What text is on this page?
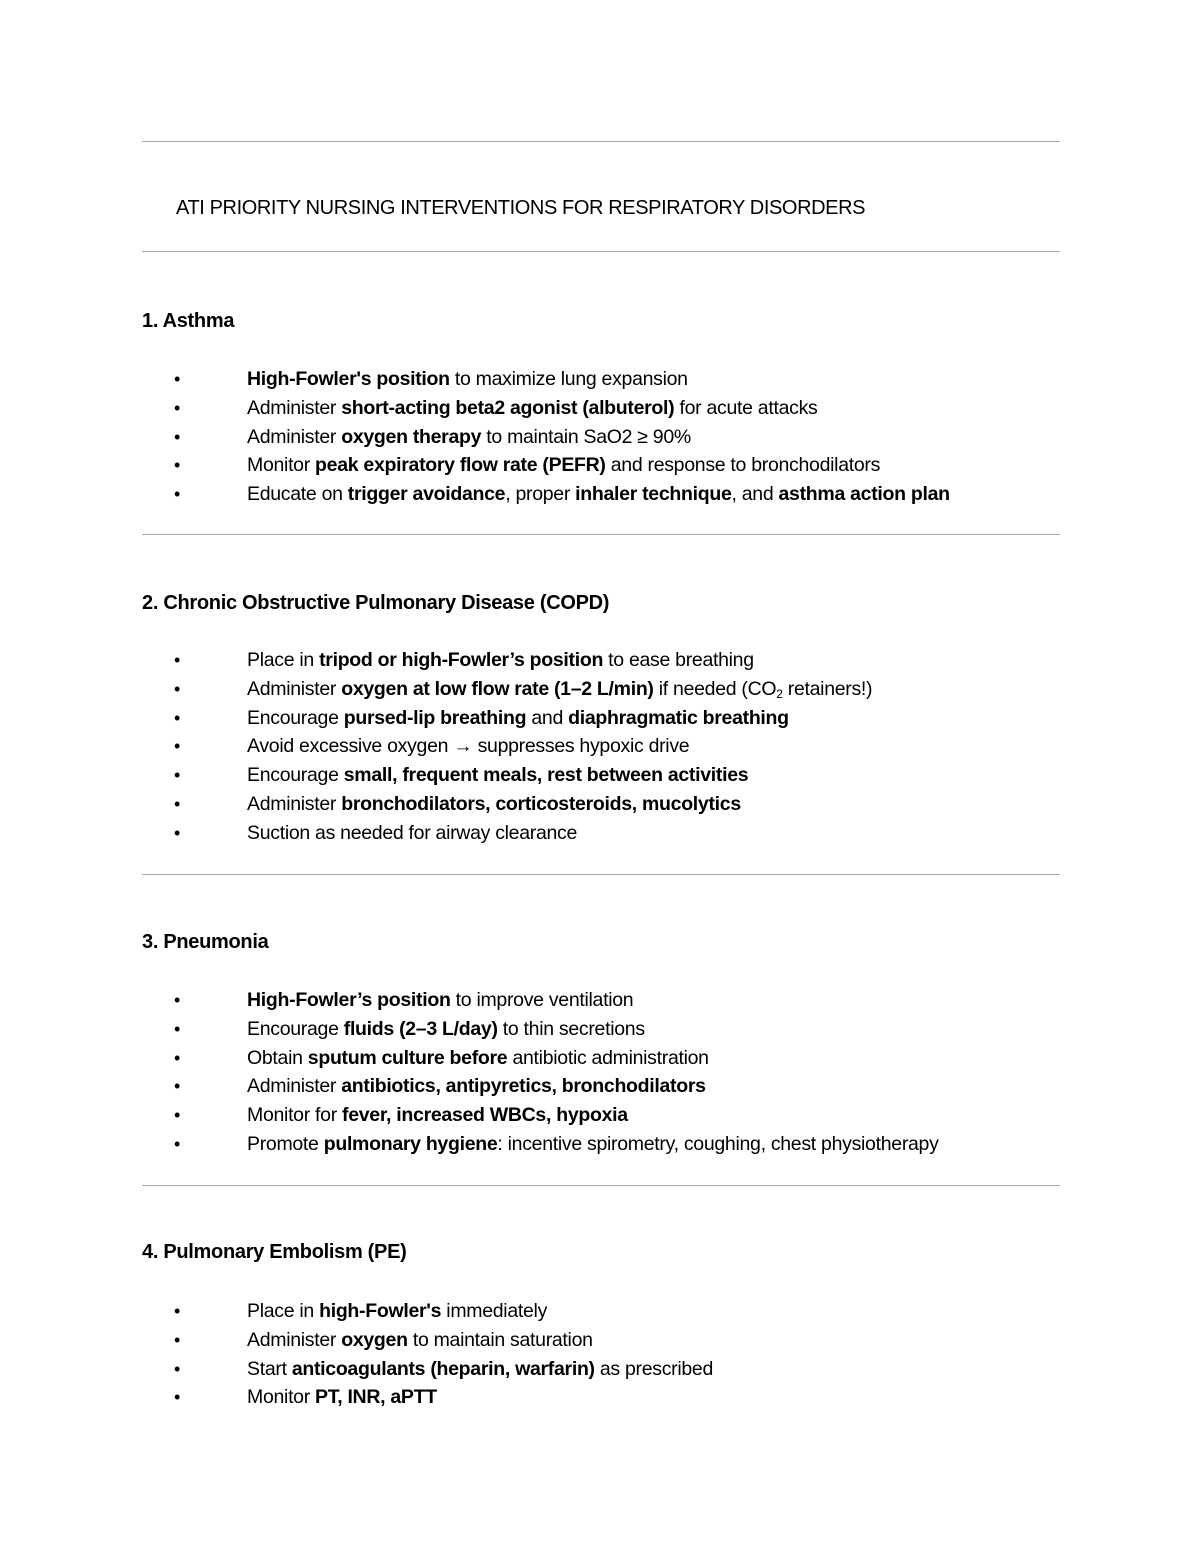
ATI PRIORITY NURSING INTERVENTIONS FOR RESPIRATORY DISORDERS
1. Asthma
•	High-Fowler's position to maximize lung expansion
•	Administer short-acting beta2 agonist (albuterol) for acute attacks
•	Administer oxygen therapy to maintain SaO2 ≥ 90%
•	Monitor peak expiratory flow rate (PEFR) and response to bronchodilators
•	Educate on trigger avoidance, proper inhaler technique, and asthma action plan
2. Chronic Obstructive Pulmonary Disease (COPD)
•	Place in tripod or high-Fowler’s position to ease breathing
•	Administer oxygen at low flow rate (1–2 L/min) if needed ($CO_2$ retainers!)
•	Encourage pursed-lip breathing and diaphragmatic breathing
•	Avoid excessive oxygen → suppresses hypoxic drive
•	Encourage small, frequent meals, rest between activities
•	Administer bronchodilators, corticosteroids, mucolytics
•	Suction as needed for airway clearance
3. Pneumonia
•	High-Fowler’s position to improve ventilation
•	Encourage fluids (2–3 L/day) to thin secretions
•	Obtain sputum culture before antibiotic administration
•	Administer antibiotics, antipyretics, bronchodilators
•	Monitor for fever, increased WBCs, hypoxia
•	Promote pulmonary hygiene: incentive spirometry, coughing, chest physiotherapy
4. Pulmonary Embolism (PE)
•	Place in high-Fowler's immediately
•	Administer oxygen to maintain saturation
•	Start anticoagulants (heparin, warfarin) as prescribed
•	Monitor PT, INR, aPTT
